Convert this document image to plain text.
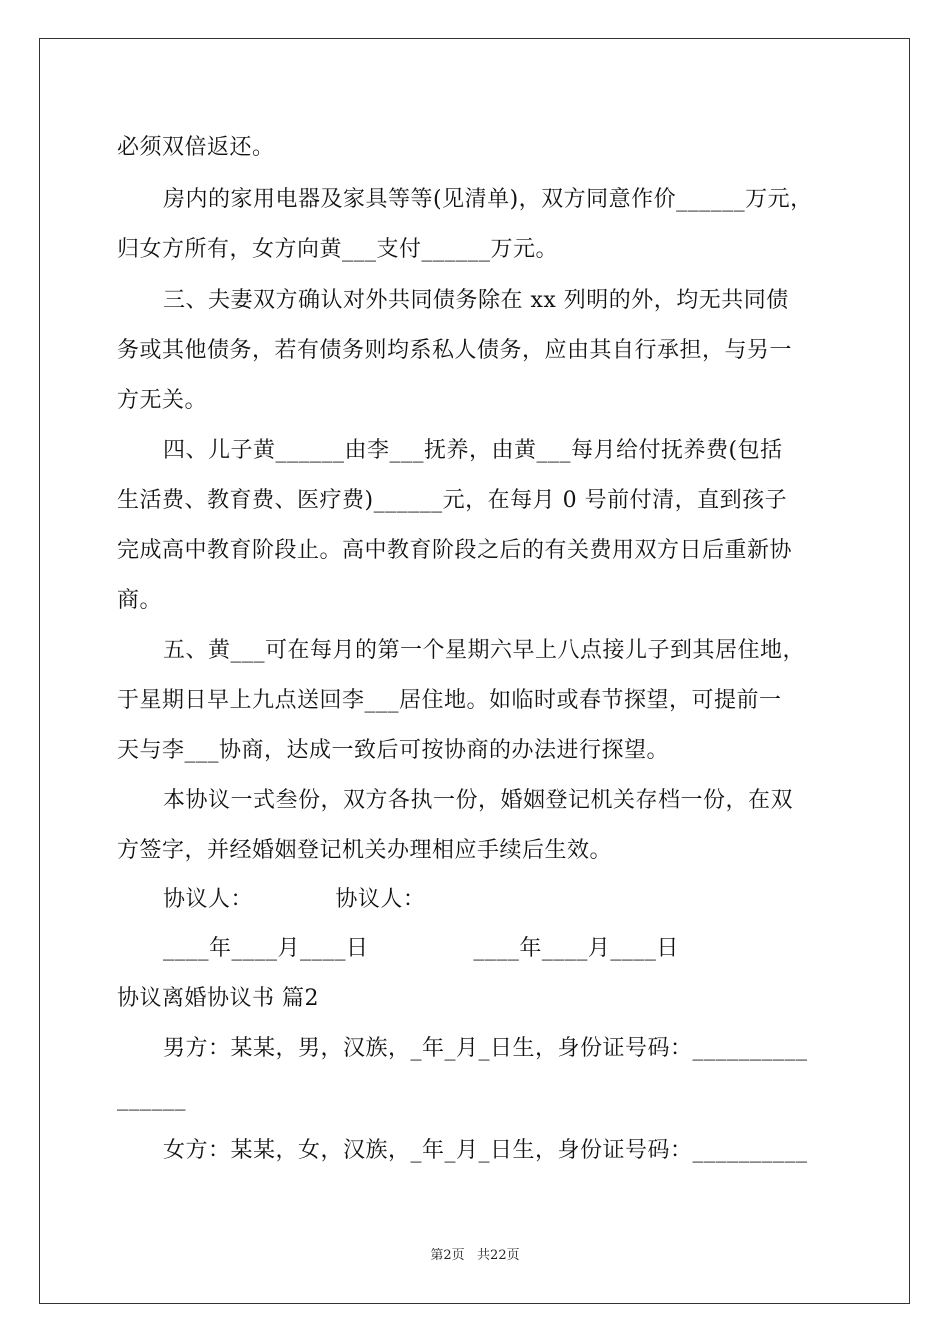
必须双倍返还。
房内的家用电器及家具等等(见清单)，双方同意作价______万元，
归女方所有，女方向黄___支付______万元。
三、夫妻双方确认对外共同债务除在 xx 列明的外，均无共同债
务或其他债务，若有债务则均系私人债务，应由其自行承担，与另一
方无关。
四、儿子黄______由李___抚养，由黄___每月给付抚养费(包括
生活费、教育费、医疗费)______元，在每月 0 号前付清，直到孩子
完成高中教育阶段止。高中教育阶段之后的有关费用双方日后重新协
商。
五、黄___可在每月的第一个星期六早上八点接儿子到其居住地，
于星期日早上九点送回李___居住地。如临时或春节探望，可提前一
天与李___协商，达成一致后可按协商的办法进行探望。
本协议一式叁份，双方各执一份，婚姻登记机关存档一份，在双
方签字，并经婚姻登记机关办理相应手续后生效。
协议人：           协议人：
____年____月____日              ____年____月____日
协议离婚协议书 篇2
男方：某某，男，汉族，_年_月_日生，身份证号码：__________
______
女方：某某，女，汉族，_年_月_日生，身份证号码：__________
第2页   共22页
